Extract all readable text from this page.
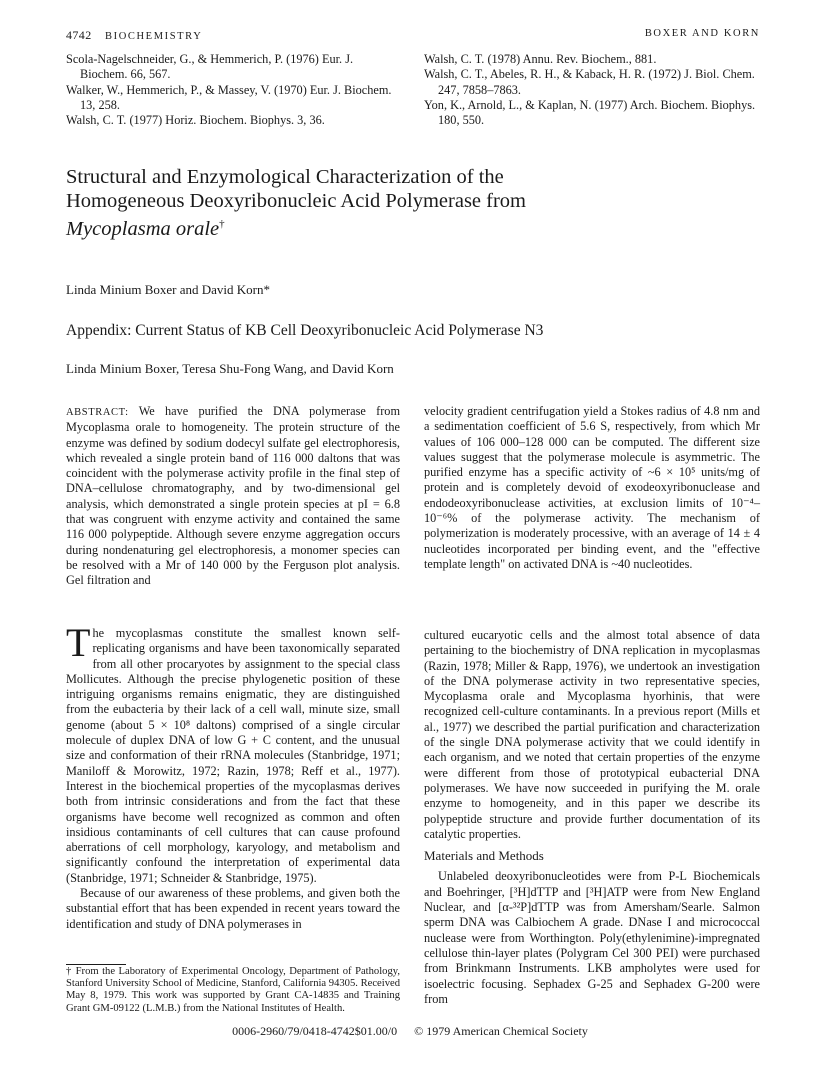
4742 BIOCHEMISTRY	BOXER AND KORN

Scola-Nagelschneider, G., & Hemmerich, P. (1976) Eur. J. Biochem. 66, 567.

Walker, W., Hemmerich, P., & Massey, V. (1970) Eur. J. Biochem. 13, 258.

Walsh, C. T. (1977) Horiz. Biochem. Biophys. 3, 36.

Walsh, C. T. (1978) Annu. Rev. Biochem., 881.

Walsh, C. T., Abeles, R. H., & Kaback, H. R. (1972) J. Biol. Chem. 247, 7858–7863.

Yon, K., Arnold, L., & Kaplan, N. (1977) Arch. Biochem. Biophys. 180, 550.

Structural and Enzymological Characterization of the
Homogeneous Deoxyribonucleic Acid Polymerase from
Mycoplasma orale†
Linda Minium Boxer and David Korn*
Appendix: Current Status of KB Cell Deoxyribonucleic Acid Polymerase N3
Linda Minium Boxer, Teresa Shu-Fong Wang, and David Korn
ABSTRACT: We have purified the DNA polymerase from Mycoplasma orale to homogeneity. The protein structure of the enzyme was defined by sodium dodecyl sulfate gel electrophoresis, which revealed a single protein band of 116 000 daltons that was coincident with the polymerase activity profile in the final step of DNA–cellulose chromatography, and by two-dimensional gel analysis, which demonstrated a single protein species at pI = 6.8 that was congruent with enzyme activity and contained the same 116 000 polypeptide. Although severe enzyme aggregation occurs during nondenaturing gel electrophoresis, a monomer species can be resolved with a Mr of 140 000 by the Ferguson plot analysis. Gel filtration and
velocity gradient centrifugation yield a Stokes radius of 4.8 nm and a sedimentation coefficient of 5.6 S, respectively, from which Mr values of 106 000–128 000 can be computed. The different size values suggest that the polymerase molecule is asymmetric. The purified enzyme has a specific activity of ~6 × 10⁵ units/mg of protein and is completely devoid of exodeoxyribonuclease and endodeoxyribonuclease activities, at exclusion limits of 10⁻⁴–10⁻⁶% of the polymerase activity. The mechanism of polymerization is moderately processive, with an average of 14 ± 4 nucleotides incorporated per binding event, and the "effective template length" on activated DNA is ~40 nucleotides.

The mycoplasmas constitute the smallest known self-replicating organisms and have been taxonomically separated from all other procaryotes by assignment to the special class Mollicutes. Although the precise phylogenetic position of these intriguing organisms remains enigmatic, they are distinguished from the eubacteria by their lack of a cell wall, minute size, small genome (about 5 × 10⁸ daltons) comprised of a single circular molecule of duplex DNA of low G + C content, and the unusual size and conformation of their rRNA molecules (Stanbridge, 1971; Maniloff & Morowitz, 1972; Razin, 1978; Reff et al., 1977). Interest in the biochemical properties of the mycoplasmas derives both from intrinsic considerations and from the fact that these organisms have become well recognized as common and often insidious contaminants of cell cultures that can cause profound aberrations of cell morphology, karyology, and metabolism and significantly confound the interpretation of experimental data (Stanbridge, 1971; Schneider & Stanbridge, 1975).

Because of our awareness of these problems, and given both the substantial effort that has been expended in recent years toward the identification and study of DNA polymerases in

cultured eucaryotic cells and the almost total absence of data pertaining to the biochemistry of DNA replication in mycoplasmas (Razin, 1978; Miller & Rapp, 1976), we undertook an investigation of the DNA polymerase activity in two representative species, Mycoplasma orale and Mycoplasma hyorhinis, that were recognized cell-culture contaminants. In a previous report (Mills et al., 1977) we described the partial purification and characterization of the single DNA polymerase activity that we could identify in each organism, and we noted that certain properties of the enzyme were different from those of prototypical eubacterial DNA polymerases. We have now succeeded in purifying the M. orale enzyme to homogeneity, and in this paper we describe its polypeptide structure and provide further documentation of its catalytic properties.

Materials and Methods

Unlabeled deoxyribonucleotides were from P-L Biochemicals and Boehringer, [³H]dTTP and [³H]ATP were from New England Nuclear, and [α-³²P]dTTP was from Amersham/Searle. Salmon sperm DNA was Calbiochem A grade. DNase I and micrococcal nuclease were from Worthington. Poly(ethylenimine)-impregnated cellulose thin-layer plates (Polygram Cel 300 PEI) were purchased from Brinkmann Instruments. LKB ampholytes were used for isoelectric focusing. Sephadex G-25 and Sephadex G-200 were from

† From the Laboratory of Experimental Oncology, Department of Pathology, Stanford University School of Medicine, Stanford, California 94305. Received May 8, 1979. This work was supported by Grant CA-14835 and Training Grant GM-09122 (L.M.B.) from the National Institutes of Health.
0006-2960/79/0418-4742$01.00/0 © 1979 American Chemical Society
